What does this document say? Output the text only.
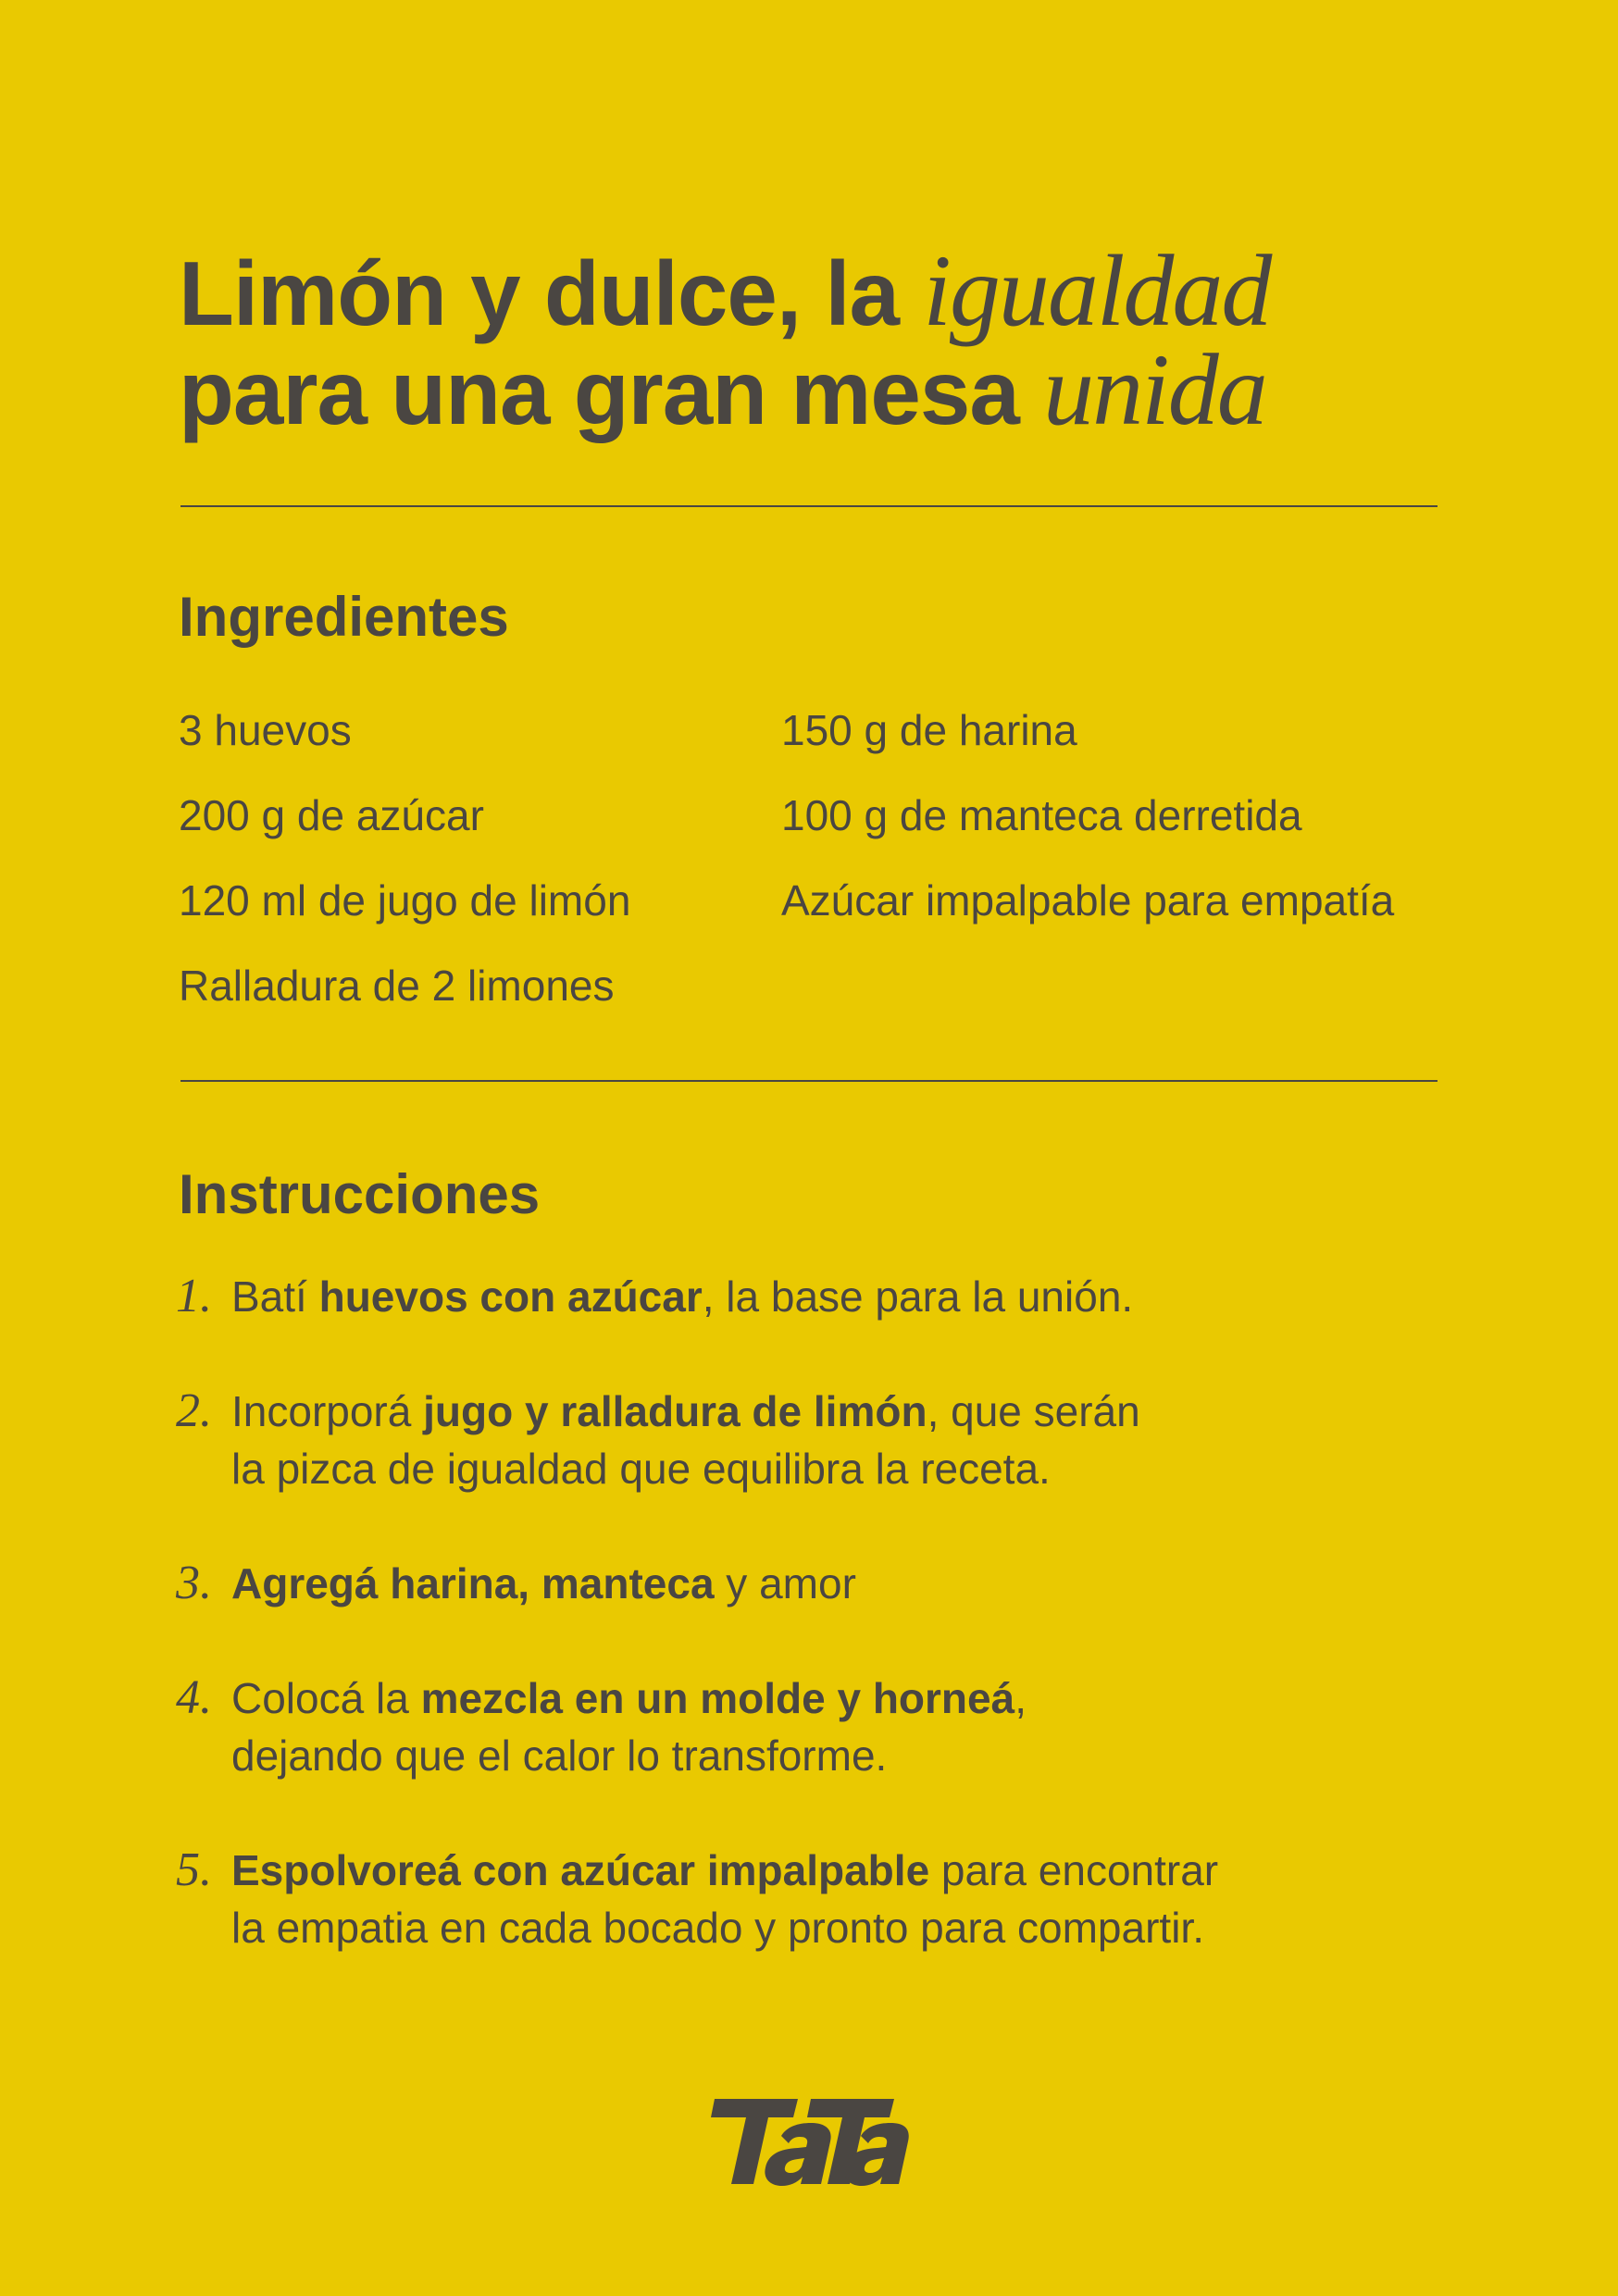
Limón y dulce, la igualdad
para una gran mesa unida
Ingredientes
3 huevos
200 g de azúcar
120 ml de jugo de limón
Ralladura de 2 limones
150 g de harina
100 g de manteca derretida
Azúcar impalpable para empatía
Instrucciones
1. Batí huevos con azúcar, la base para la unión.
2. Incorporá jugo y ralladura de limón, que serán
la pizca de igualdad que equilibra la receta.
3. Agregá harina, manteca y amor
4. Colocá la mezcla en un molde y horneá,
dejando que el calor lo transforme.
5. Espolvoreá con azúcar impalpable para encontrar
la empatia en cada bocado y pronto para compartir.
